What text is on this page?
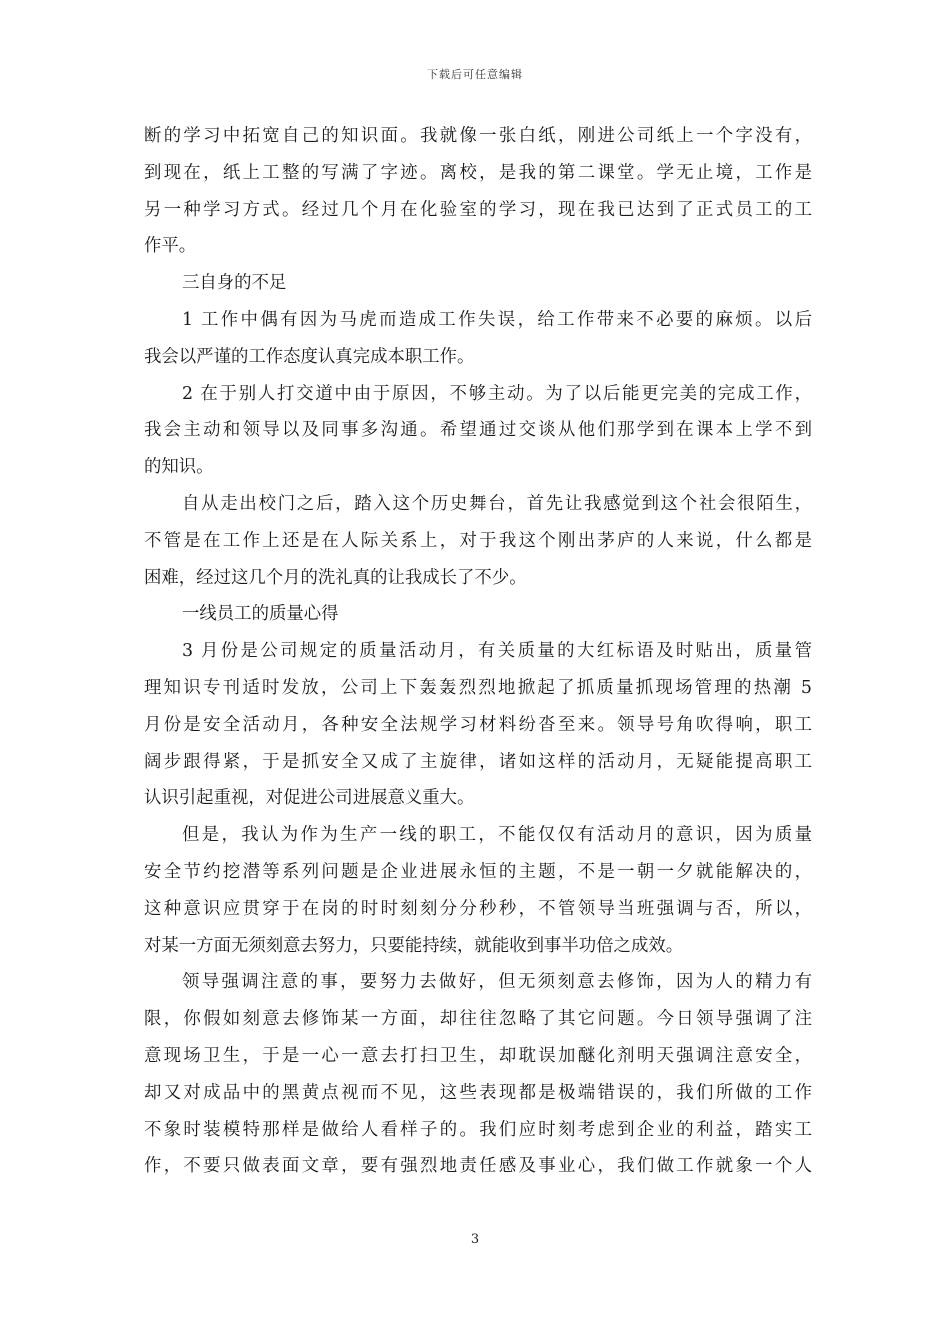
下载后可任意编辑
断的学习中拓宽自己的知识面。我就像一张白纸，刚进公司纸上一个字没有，
到现在，纸上工整的写满了字迹。离校，是我的第二课堂。学无止境，工作是
另一种学习方式。经过几个月在化验室的学习，现在我已达到了正式员工的工
作平。
三自身的不足
1 工作中偶有因为马虎而造成工作失误，给工作带来不必要的麻烦。以后
我会以严谨的工作态度认真完成本职工作。
2 在于别人打交道中由于原因，不够主动。为了以后能更完美的完成工作，
我会主动和领导以及同事多沟通。希望通过交谈从他们那学到在课本上学不到
的知识。
自从走出校门之后，踏入这个历史舞台，首先让我感觉到这个社会很陌生，
不管是在工作上还是在人际关系上，对于我这个刚出茅庐的人来说，什么都是
困难，经过这几个月的洗礼真的让我成长了不少。
一线员工的质量心得
3 月份是公司规定的质量活动月，有关质量的大红标语及时贴出，质量管
理知识专刊适时发放，公司上下轰轰烈烈地掀起了抓质量抓现场管理的热潮 5
月份是安全活动月，各种安全法规学习材料纷沓至来。领导号角吹得响，职工
阔步跟得紧，于是抓安全又成了主旋律，诸如这样的活动月，无疑能提高职工
认识引起重视，对促进公司进展意义重大。
但是，我认为作为生产一线的职工，不能仅仅有活动月的意识，因为质量
安全节约挖潜等系列问题是企业进展永恒的主题，不是一朝一夕就能解决的，
这种意识应贯穿于在岗的时时刻刻分分秒秒，不管领导当班强调与否，所以，
对某一方面无须刻意去努力，只要能持续，就能收到事半功倍之成效。
领导强调注意的事，要努力去做好，但无须刻意去修饰，因为人的精力有
限，你假如刻意去修饰某一方面，却往往忽略了其它问题。今日领导强调了注
意现场卫生，于是一心一意去打扫卫生，却耽误加醚化剂明天强调注意安全，
却又对成品中的黑黄点视而不见，这些表现都是极端错误的，我们所做的工作
不象时装模特那样是做给人看样子的。我们应时刻考虑到企业的利益，踏实工
作，不要只做表面文章，要有强烈地责任感及事业心，我们做工作就象一个人
3
